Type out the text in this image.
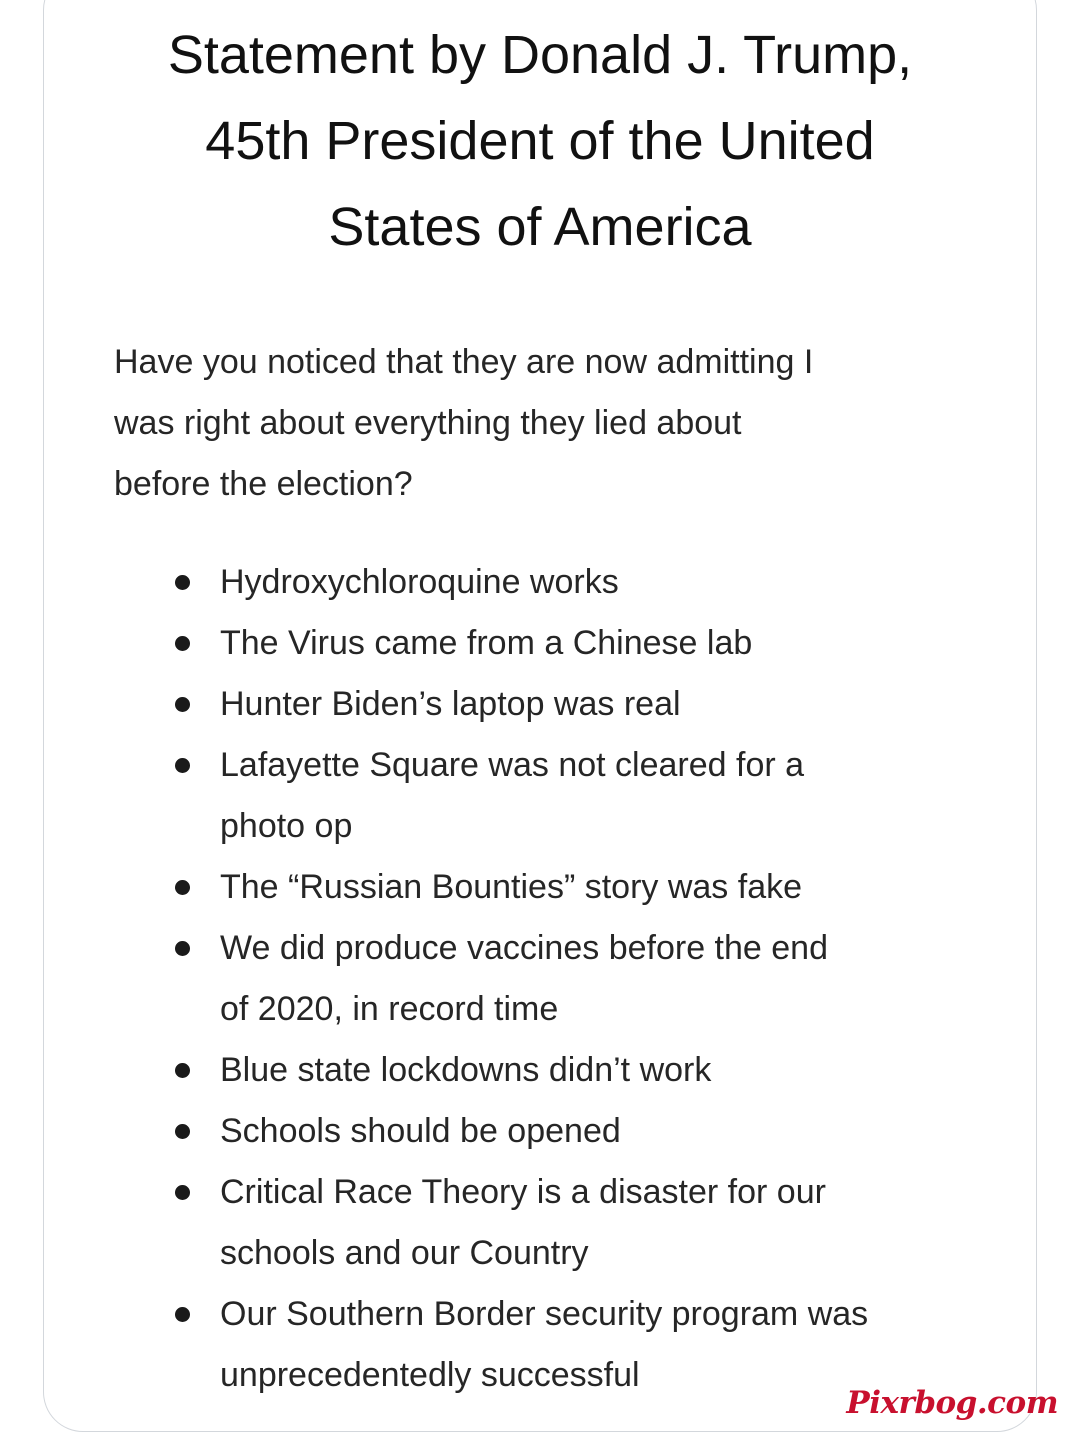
Statement by Donald J. Trump,
45th President of the United
States of America

Have you noticed that they are now admitting I
was right about everything they lied about
before the election?

Hydroxychloroquine works
The Virus came from a Chinese lab
Hunter Biden’s laptop was real
Lafayette Square was not cleared for a
photo op
The “Russian Bounties” story was fake
We did produce vaccines before the end
of 2020, in record time
Blue state lockdowns didn’t work
Schools should be opened
Critical Race Theory is a disaster for our
schools and our Country
Our Southern Border security program was
unprecedentedly successful
Pixrbog.com
